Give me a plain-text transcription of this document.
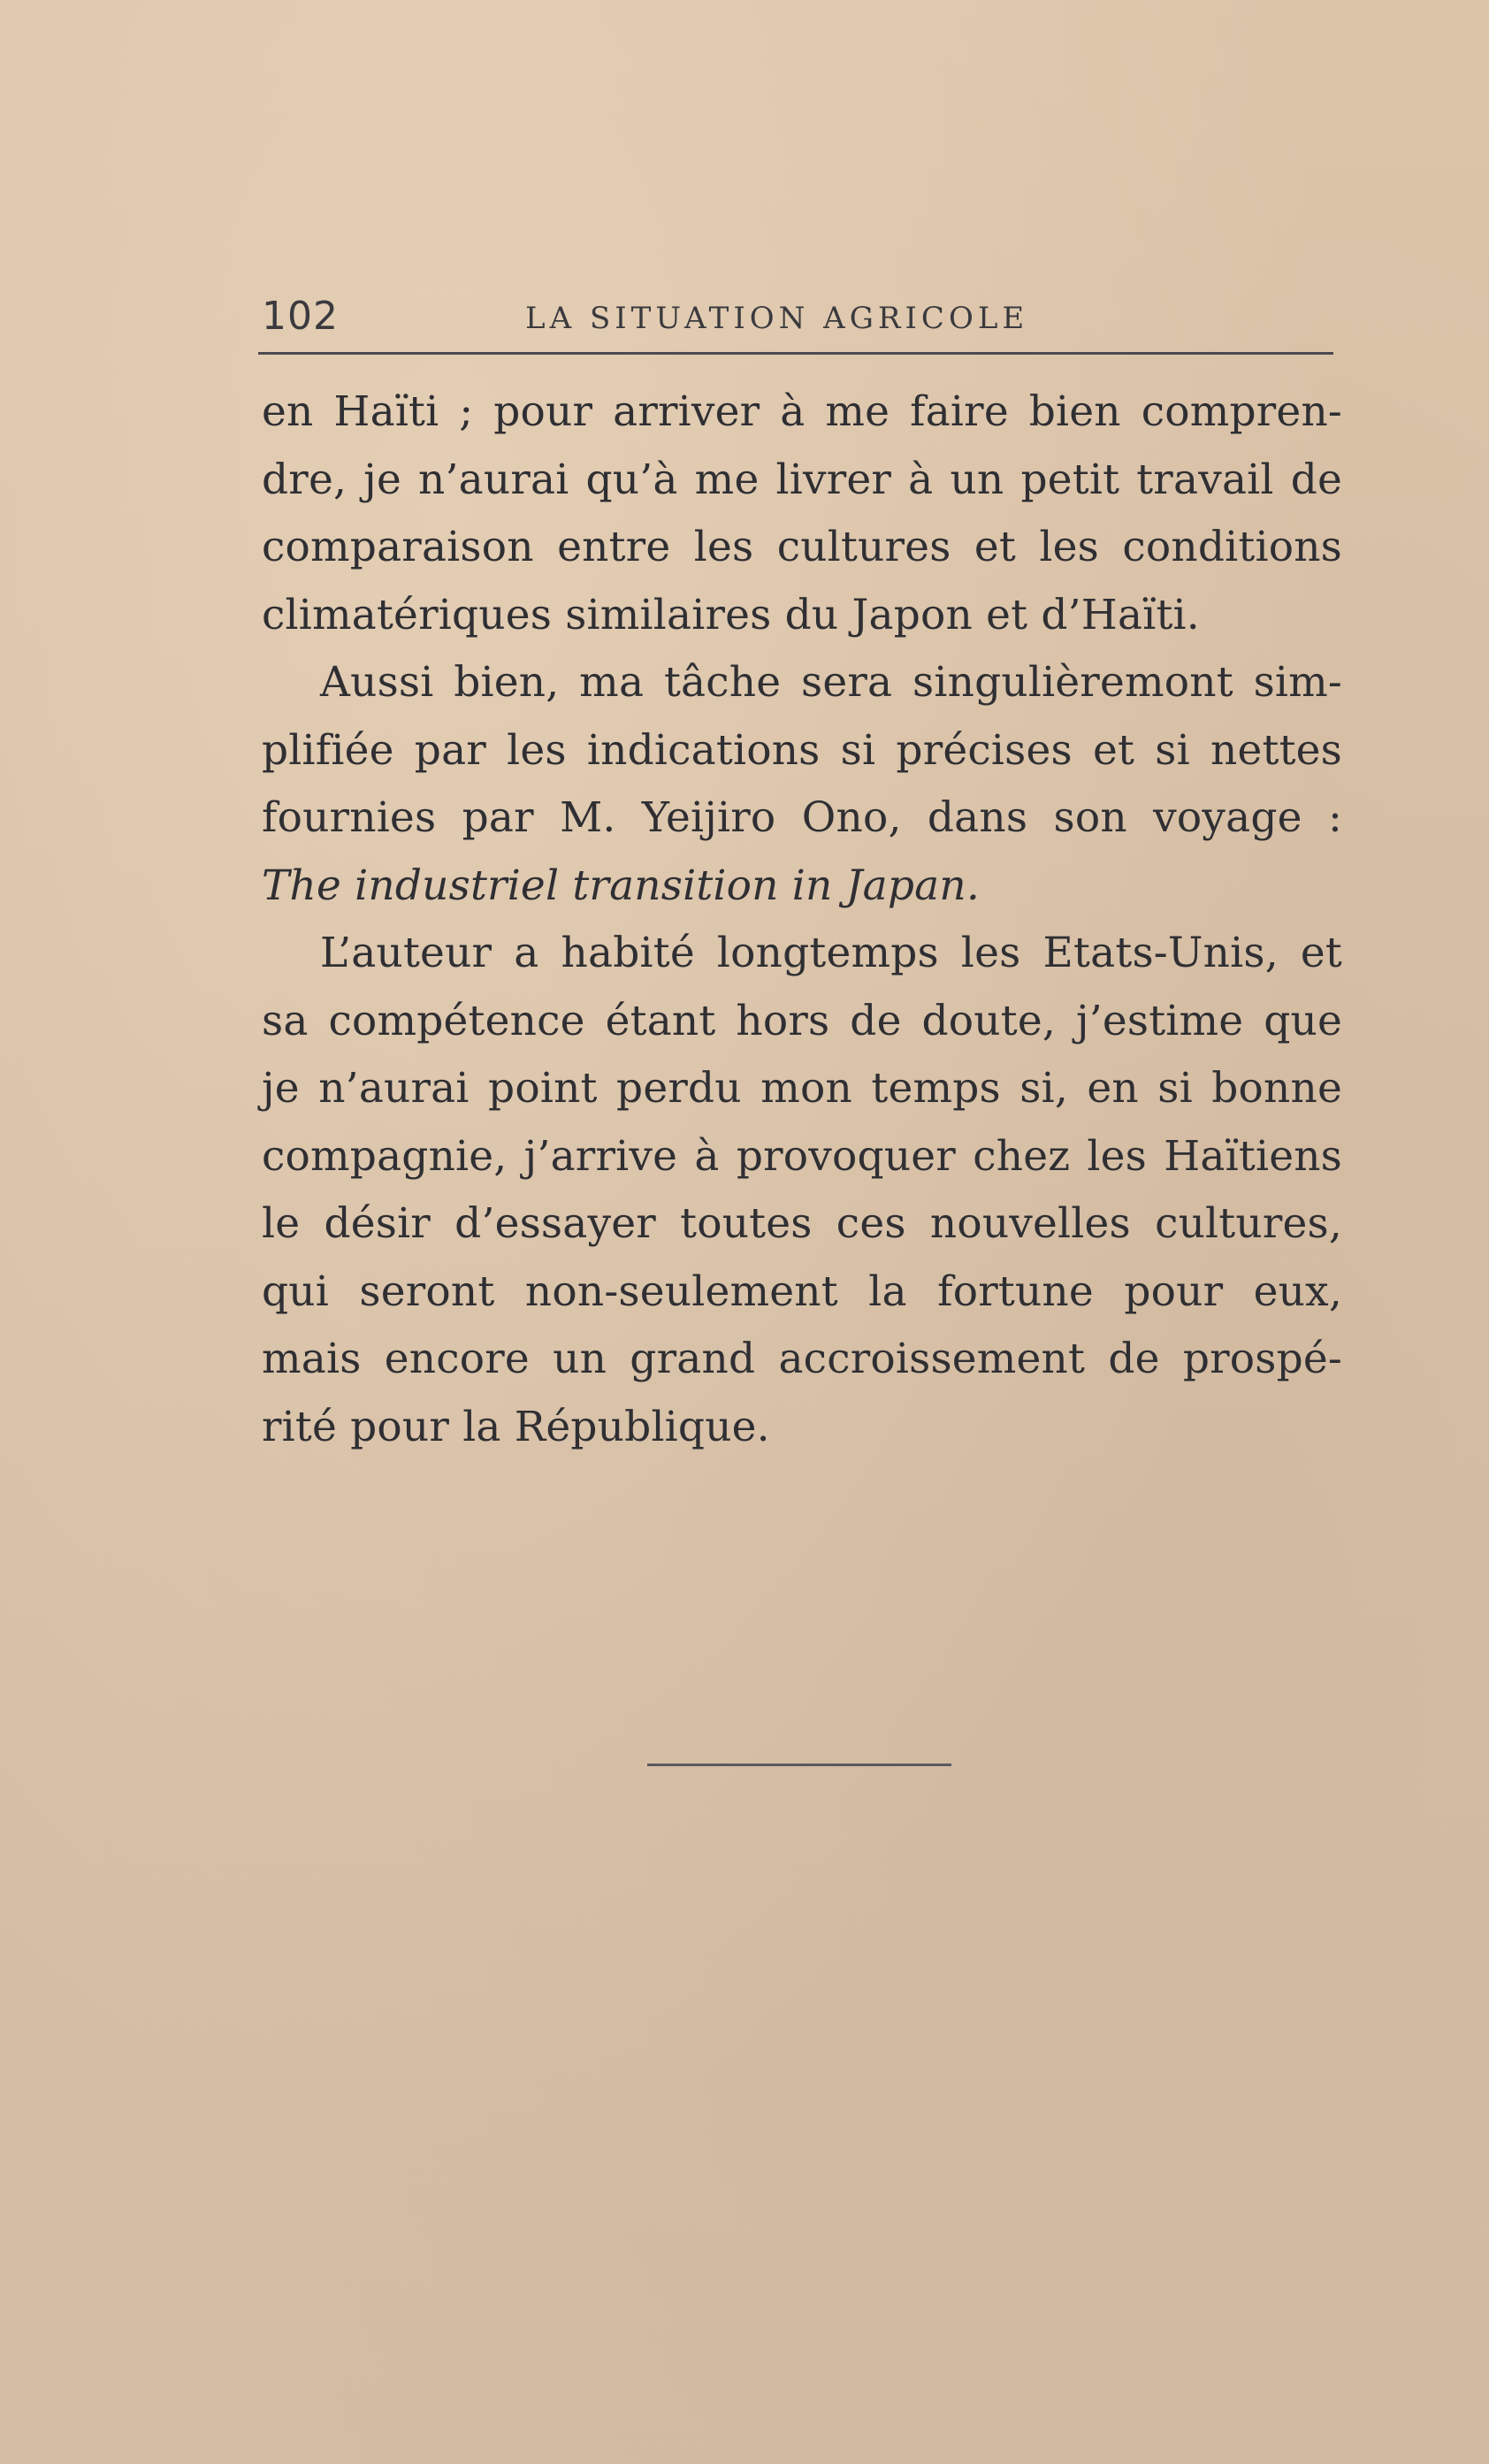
102	LA SITUATION AGRICOLE
en Haïti ; pour arriver à me faire bien compren-
dre, je n’aurai qu’à me livrer à un petit travail de
comparaison entre les cultures et les conditions
climatériques similaires du Japon et d’Haïti.
Aussi bien, ma tâche sera singulièremont sim-
plifiée par les indications si précises et si nettes
fournies par M. Yeijiro Ono, dans son voyage :
The industriel transition in Japan.
L’auteur a habité longtemps les Etats-Unis, et
sa compétence étant hors de doute, j’estime que
je n’aurai point perdu mon temps si, en si bonne
compagnie, j’arrive à provoquer chez les Haïtiens
le désir d’essayer toutes ces nouvelles cultures,
qui seront non-seulement la fortune pour eux,
mais encore un grand accroissement de prospé-
rité pour la République.
